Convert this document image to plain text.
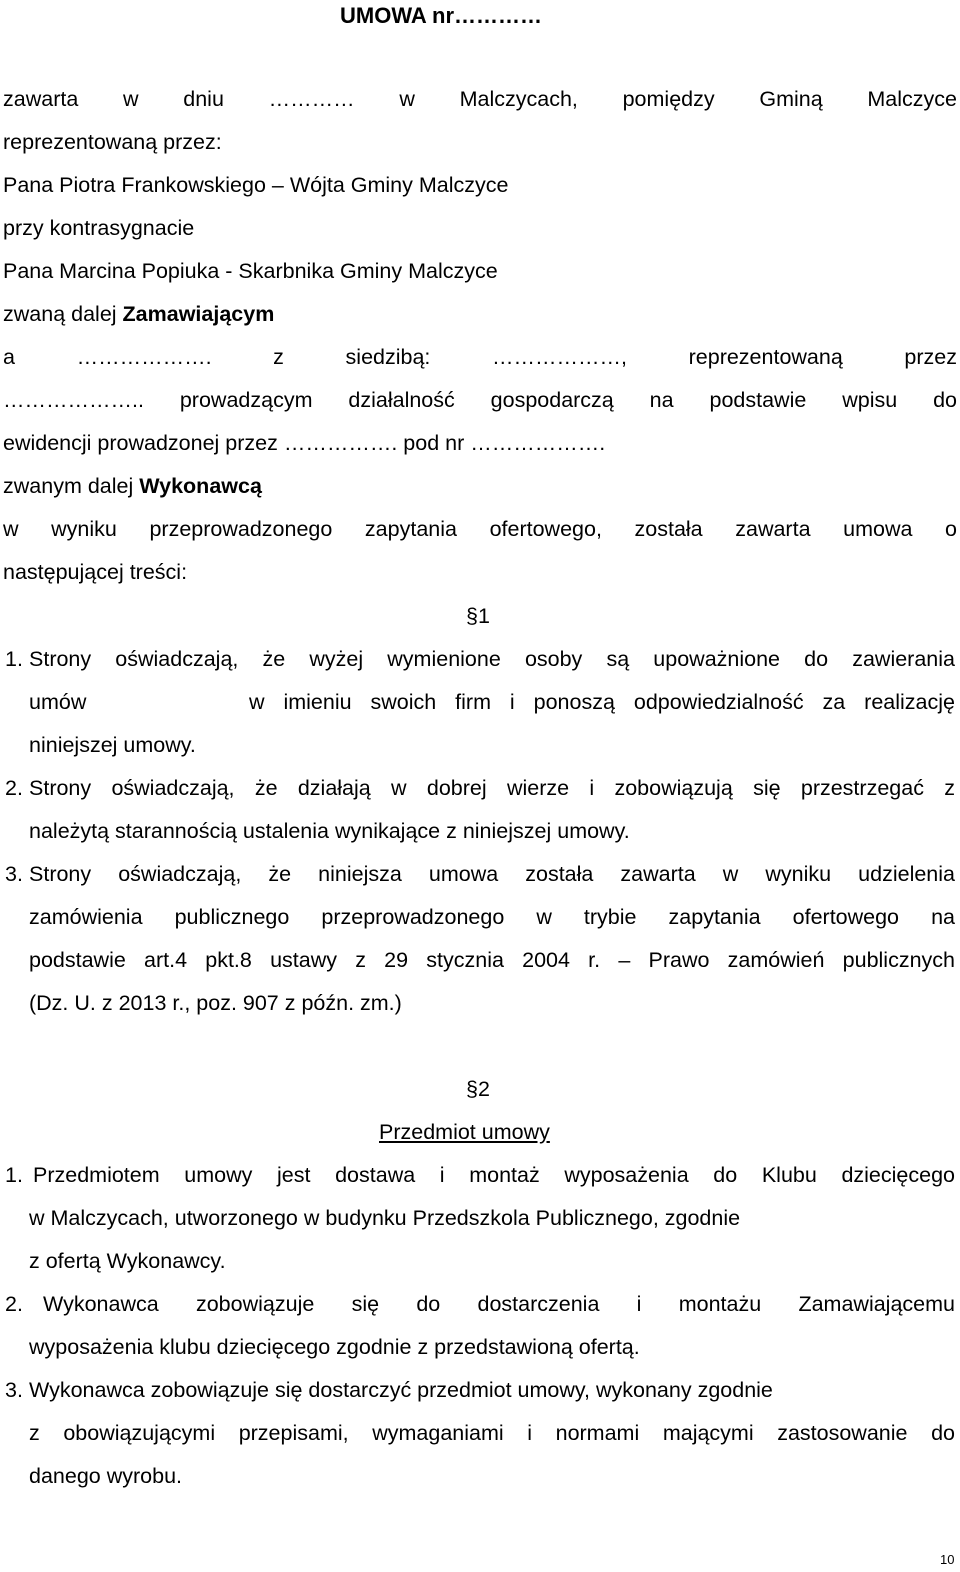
UMOWA nr…………
zawarta w dniu ………… w Malczycach, pomiędzy Gminą Malczyce
reprezentowaną przez:
Pana Piotra Frankowskiego – Wójta Gminy Malczyce
przy kontrasygnacie
Pana Marcina Popiuka - Skarbnika Gminy Malczyce
zwaną dalej Zamawiającym
a ………………. z siedzibą: ………………, reprezentowaną przez
……………….. prowadzącym działalność gospodarczą na podstawie wpisu do
ewidencji prowadzonej przez ……………. pod nr ……………….
zwanym dalej Wykonawcą
w wyniku przeprowadzonego zapytania ofertowego, została zawarta umowa o
następującej treści:
§1
1. Strony oświadczają, że wyżej wymienione osoby są upoważnione do zawierania
umów	w imieniu swoich firm i ponoszą odpowiedzialność za realizację
niniejszej umowy.
2. Strony oświadczają, że działają w dobrej wierze i zobowiązują się przestrzegać z
należytą starannością ustalenia wynikające z niniejszej umowy.
3. Strony oświadczają, że niniejsza umowa została zawarta w wyniku udzielenia
zamówienia publicznego przeprowadzonego w trybie zapytania ofertowego na
podstawie art.4 pkt.8 ustawy z 29 stycznia 2004 r. – Prawo zamówień publicznych
(Dz. U. z 2013 r., poz. 907 z późn. zm.)
§2
Przedmiot umowy
1. Przedmiotem umowy jest dostawa i montaż wyposażenia do Klubu dziecięcego
w Malczycach, utworzonego w budynku Przedszkola Publicznego, zgodnie
z ofertą Wykonawcy.
2. Wykonawca zobowiązuje się do dostarczenia i montażu Zamawiającemu
wyposażenia klubu dziecięcego zgodnie z przedstawioną ofertą.
3. Wykonawca zobowiązuje się dostarczyć przedmiot umowy, wykonany zgodnie
z obowiązującymi przepisami, wymaganiami i normami mającymi zastosowanie do
danego wyrobu.
10
